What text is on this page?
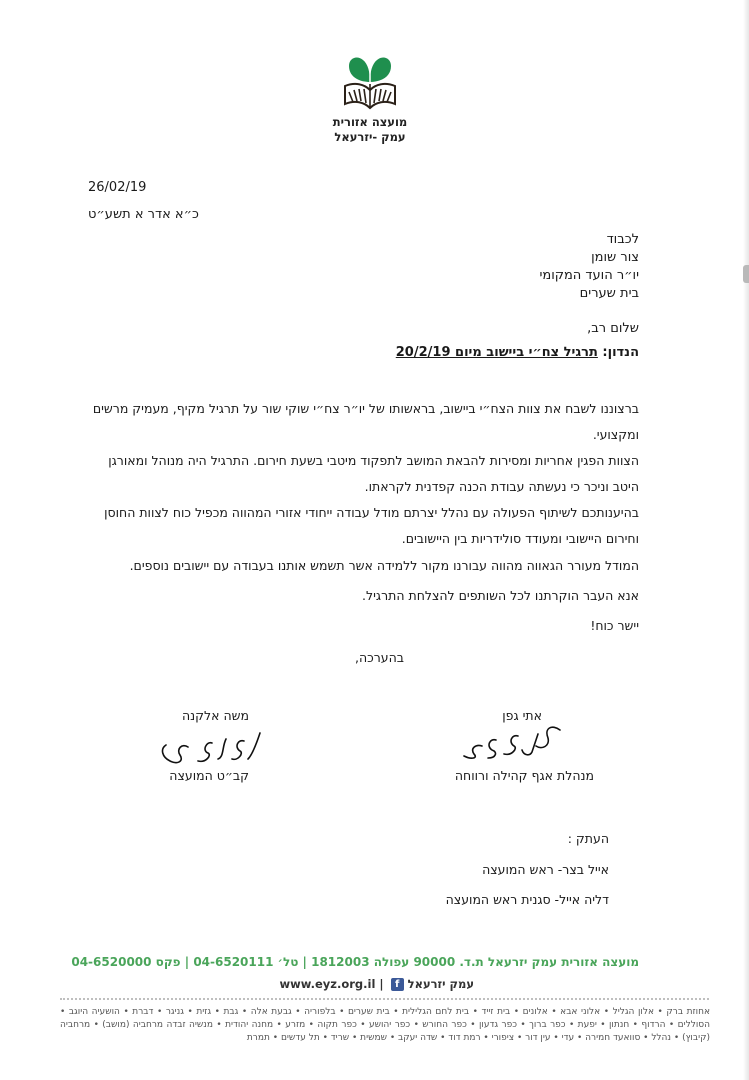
מועצה אזורית
עמק -יזרעאל
26/02/19
כ״א אדר א תשע״ט
לכבוד
צור שומן
יו״ר הועד המקומי
בית שערים
שלום רב,
הנדון: תרגיל צח״י ביישוב מיום 20/2/19
ברצוננו לשבח את צוות הצח״י ביישוב, בראשותו של יו״ר צח״י שוקי שור על תרגיל מקיף, מעמיק מרשים ומקצועי.
הצוות הפגין אחריות ומסירות להבאת המושב לתפקוד מיטבי בשעת חירום. התרגיל היה מנוהל ומאורגן היטב וניכר כי נעשתה עבודת הכנה קפדנית לקראתו.
בהיענותכם לשיתוף הפעולה עם נהלל יצרתם מודל עבודה ייחודי אזורי המהווה מכפיל כוח לצוות החוסן וחירום היישובי ומעודד סולידריות בין היישובים.
המודל מעורר הגאווה מהווה עבורנו מקור ללמידה אשר תשמש אותנו בעבודה עם יישובים נוספים.
אנא העבר הוקרתנו לכל השותפים להצלחת התרגיל.
יישר כוח!
בהערכה,
אתי גפן
מנהלת אגף קהילה ורווחה
משה אלקנה
קב״ט המועצה
העתק :
אייל בצר- ראש המועצה
דליה אייל- סגנית ראש המועצה
מועצה אזורית עמק יזרעאל ת.ד. 90000 עפולה 1812003 | טל׳ 04-6520111 | פקס 04-6520000
עמק יזרעאל f | www.eyz.org.il
אחוזת ברק • אלון הגליל • אלוני אבא • אלונים • בית זייד • בית לחם הגלילית • בית שערים • בלפוריה • גבעת אלה • גבת • גזית • גניגר • דברת • הושעיה היוגב • הסוללים • הרדוף • חנתון • יפעת • כפר ברוך • כפר גדעון • כפר החורש • כפר יהושע • כפר תקוה • מזרע • מחנה יהודית • מנשיה זבדה מרחביה (מושב) • מרחביה (קיבוץ) • נהלל • סוואעד חמירה • עדי • עין דור • ציפורי • רמת דוד • שדה יעקב • שמשית • שריד • תל עדשים • תמרת
